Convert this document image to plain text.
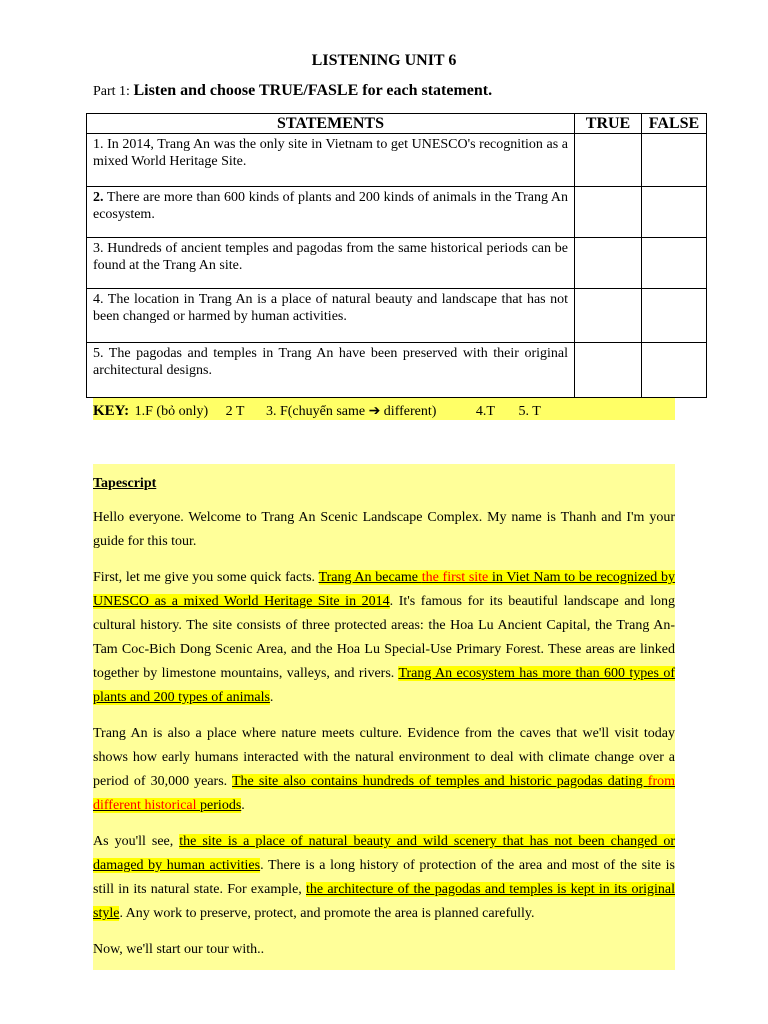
LISTENING UNIT 6
Part 1: Listen and choose TRUE/FASLE for each statement.
STATEMENTS	TRUE	FALSE
1. In 2014, Trang An was the only site in Vietnam to get UNESCO's recognition as a mixed World Heritage Site.		
2. There are more than 600 kinds of plants and 200 kinds of animals in the Trang An ecosystem.		
3. Hundreds of ancient temples and pagodas from the same historical periods can be found at the Trang An site.		
4. The location in Trang An is a place of natural beauty and landscape that has not been changed or harmed by human activities.		
5. The pagodas and temples in Trang An have been preserved with their original architectural designs.		
KEY: 1.F (bỏ only) 2 T 3. F(chuyển same ➔ different)	4.T 5. T

Tapescript

Hello everyone. Welcome to Trang An Scenic Landscape Complex. My name is Thanh and I'm your guide for this tour.

First, let me give you some quick facts. Trang An became the first site in Viet Nam to be recognized by UNESCO as a mixed World Heritage Site in 2014. It's famous for its beautiful landscape and long cultural history. The site consists of three protected areas: the Hoa Lu Ancient Capital, the Trang An-Tam Coc-Bich Dong Scenic Area, and the Hoa Lu Special-Use Primary Forest. These areas are linked together by limestone mountains, valleys, and rivers. Trang An ecosystem has more than 600 types of plants and 200 types of animals.

Trang An is also a place where nature meets culture. Evidence from the caves that we'll visit today shows how early humans interacted with the natural environment to deal with climate change over a period of 30,000 years. The site also contains hundreds of temples and historic pagodas dating from different historical periods.

As you'll see, the site is a place of natural beauty and wild scenery that has not been changed or damaged by human activities. There is a long history of protection of the area and most of the site is still in its natural state. For example, the architecture of the pagodas and temples is kept in its original style. Any work to preserve, protect, and promote the area is planned carefully.

Now, we'll start our tour with..
